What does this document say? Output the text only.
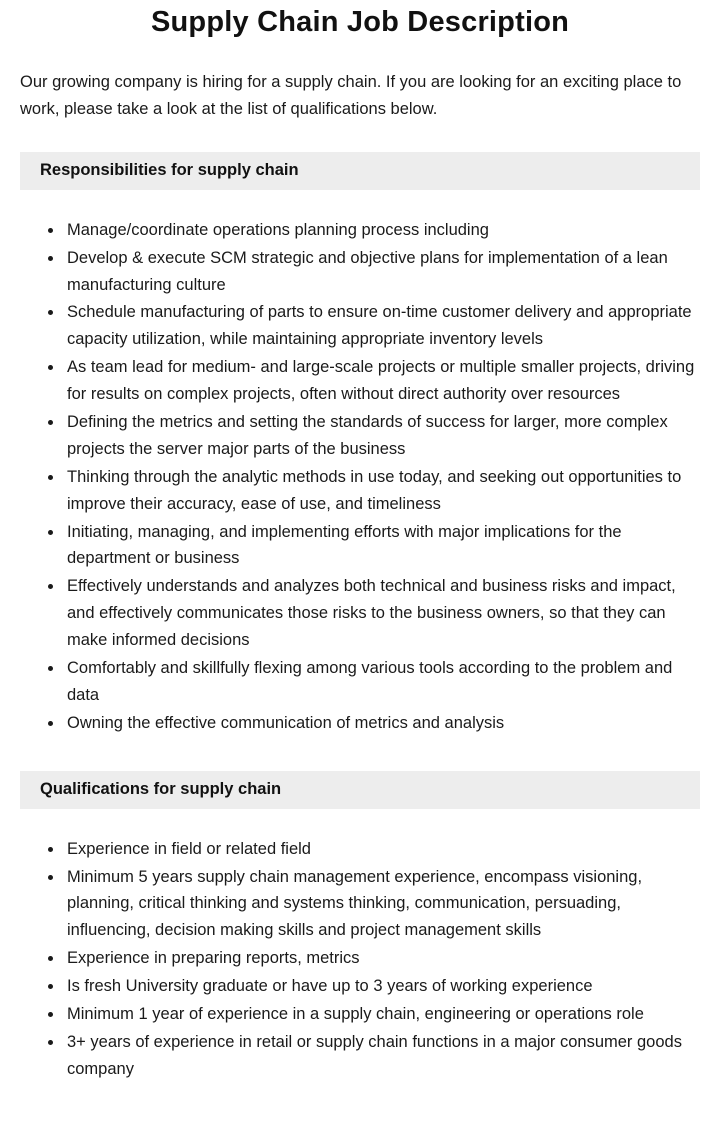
Supply Chain Job Description

Our growing company is hiring for a supply chain. If you are looking for an exciting place to work, please take a look at the list of qualifications below.

Responsibilities for supply chain
• Manage/coordinate operations planning process including
• Develop & execute SCM strategic and objective plans for implementation of a lean manufacturing culture
• Schedule manufacturing of parts to ensure on-time customer delivery and appropriate capacity utilization, while maintaining appropriate inventory levels
• As team lead for medium- and large-scale projects or multiple smaller projects, driving for results on complex projects, often without direct authority over resources
• Defining the metrics and setting the standards of success for larger, more complex projects the server major parts of the business
• Thinking through the analytic methods in use today, and seeking out opportunities to improve their accuracy, ease of use, and timeliness
• Initiating, managing, and implementing efforts with major implications for the department or business
• Effectively understands and analyzes both technical and business risks and impact, and effectively communicates those risks to the business owners, so that they can make informed decisions
• Comfortably and skillfully flexing among various tools according to the problem and data
• Owning the effective communication of metrics and analysis
Qualifications for supply chain
• Experience in field or related field
• Minimum 5 years supply chain management experience, encompass visioning, planning, critical thinking and systems thinking, communication, persuading, influencing, decision making skills and project management skills
• Experience in preparing reports, metrics
• Is fresh University graduate or have up to 3 years of working experience
• Minimum 1 year of experience in a supply chain, engineering or operations role
• 3+ years of experience in retail or supply chain functions in a major consumer goods company
